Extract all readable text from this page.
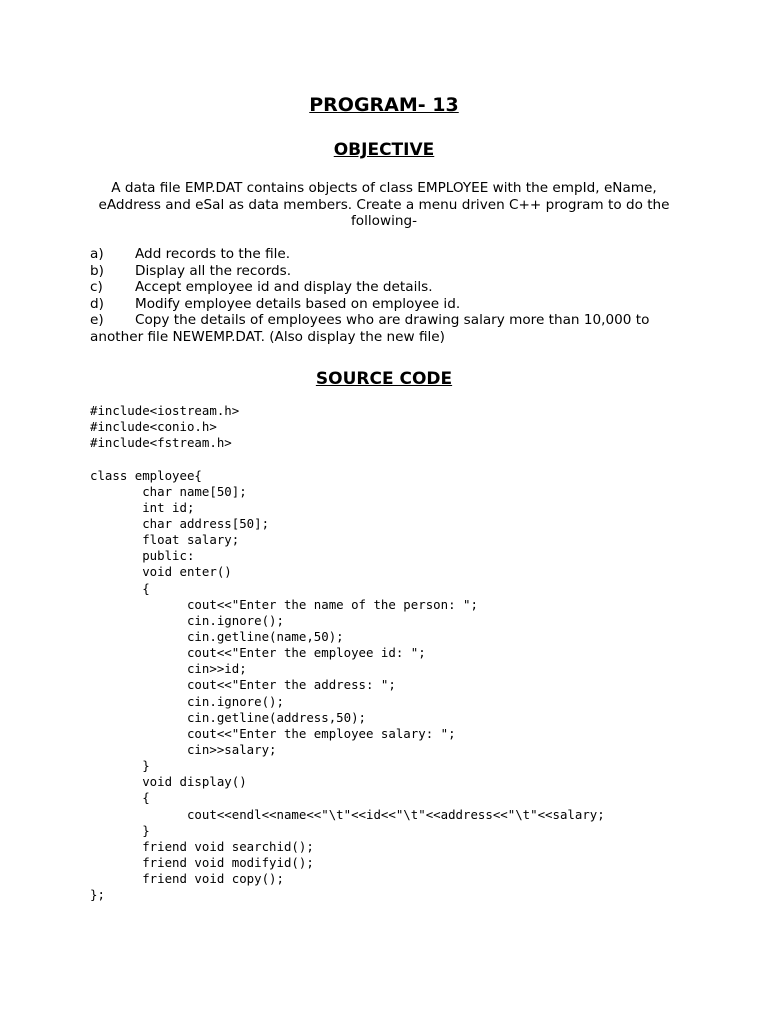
PROGRAM- 13
OBJECTIVE
A data file EMP.DAT contains objects of class EMPLOYEE with the empId, eName, eAddress and eSal as data members. Create a menu driven C++ program to do the following-
a)	Add records to the file.
b)	Display all the records.
c)	Accept employee id and display the details.
d)	Modify employee details based on employee id.
e) Copy the details of employees who are drawing salary more than 10,000 to another file NEWEMP.DAT. (Also display the new file)
SOURCE CODE
#include<iostream.h>
#include<conio.h>
#include<fstream.h>
class employee{
char name[50];
int id;
char address[50];
float salary;
public:
void enter()
{
cout<<"Enter the name of the person: ";
cin.ignore();
cin.getline(name,50);
cout<<"Enter the employee id: ";
cin>>id;
cout<<"Enter the address: ";
cin.ignore();
cin.getline(address,50);
cout<<"Enter the employee salary: ";
cin>>salary;
}
void display()
{
cout<<endl<<name<<"\t"<<id<<"\t"<<address<<"\t"<<salary;
}
friend void searchid();
friend void modifyid();
friend void copy();
};
